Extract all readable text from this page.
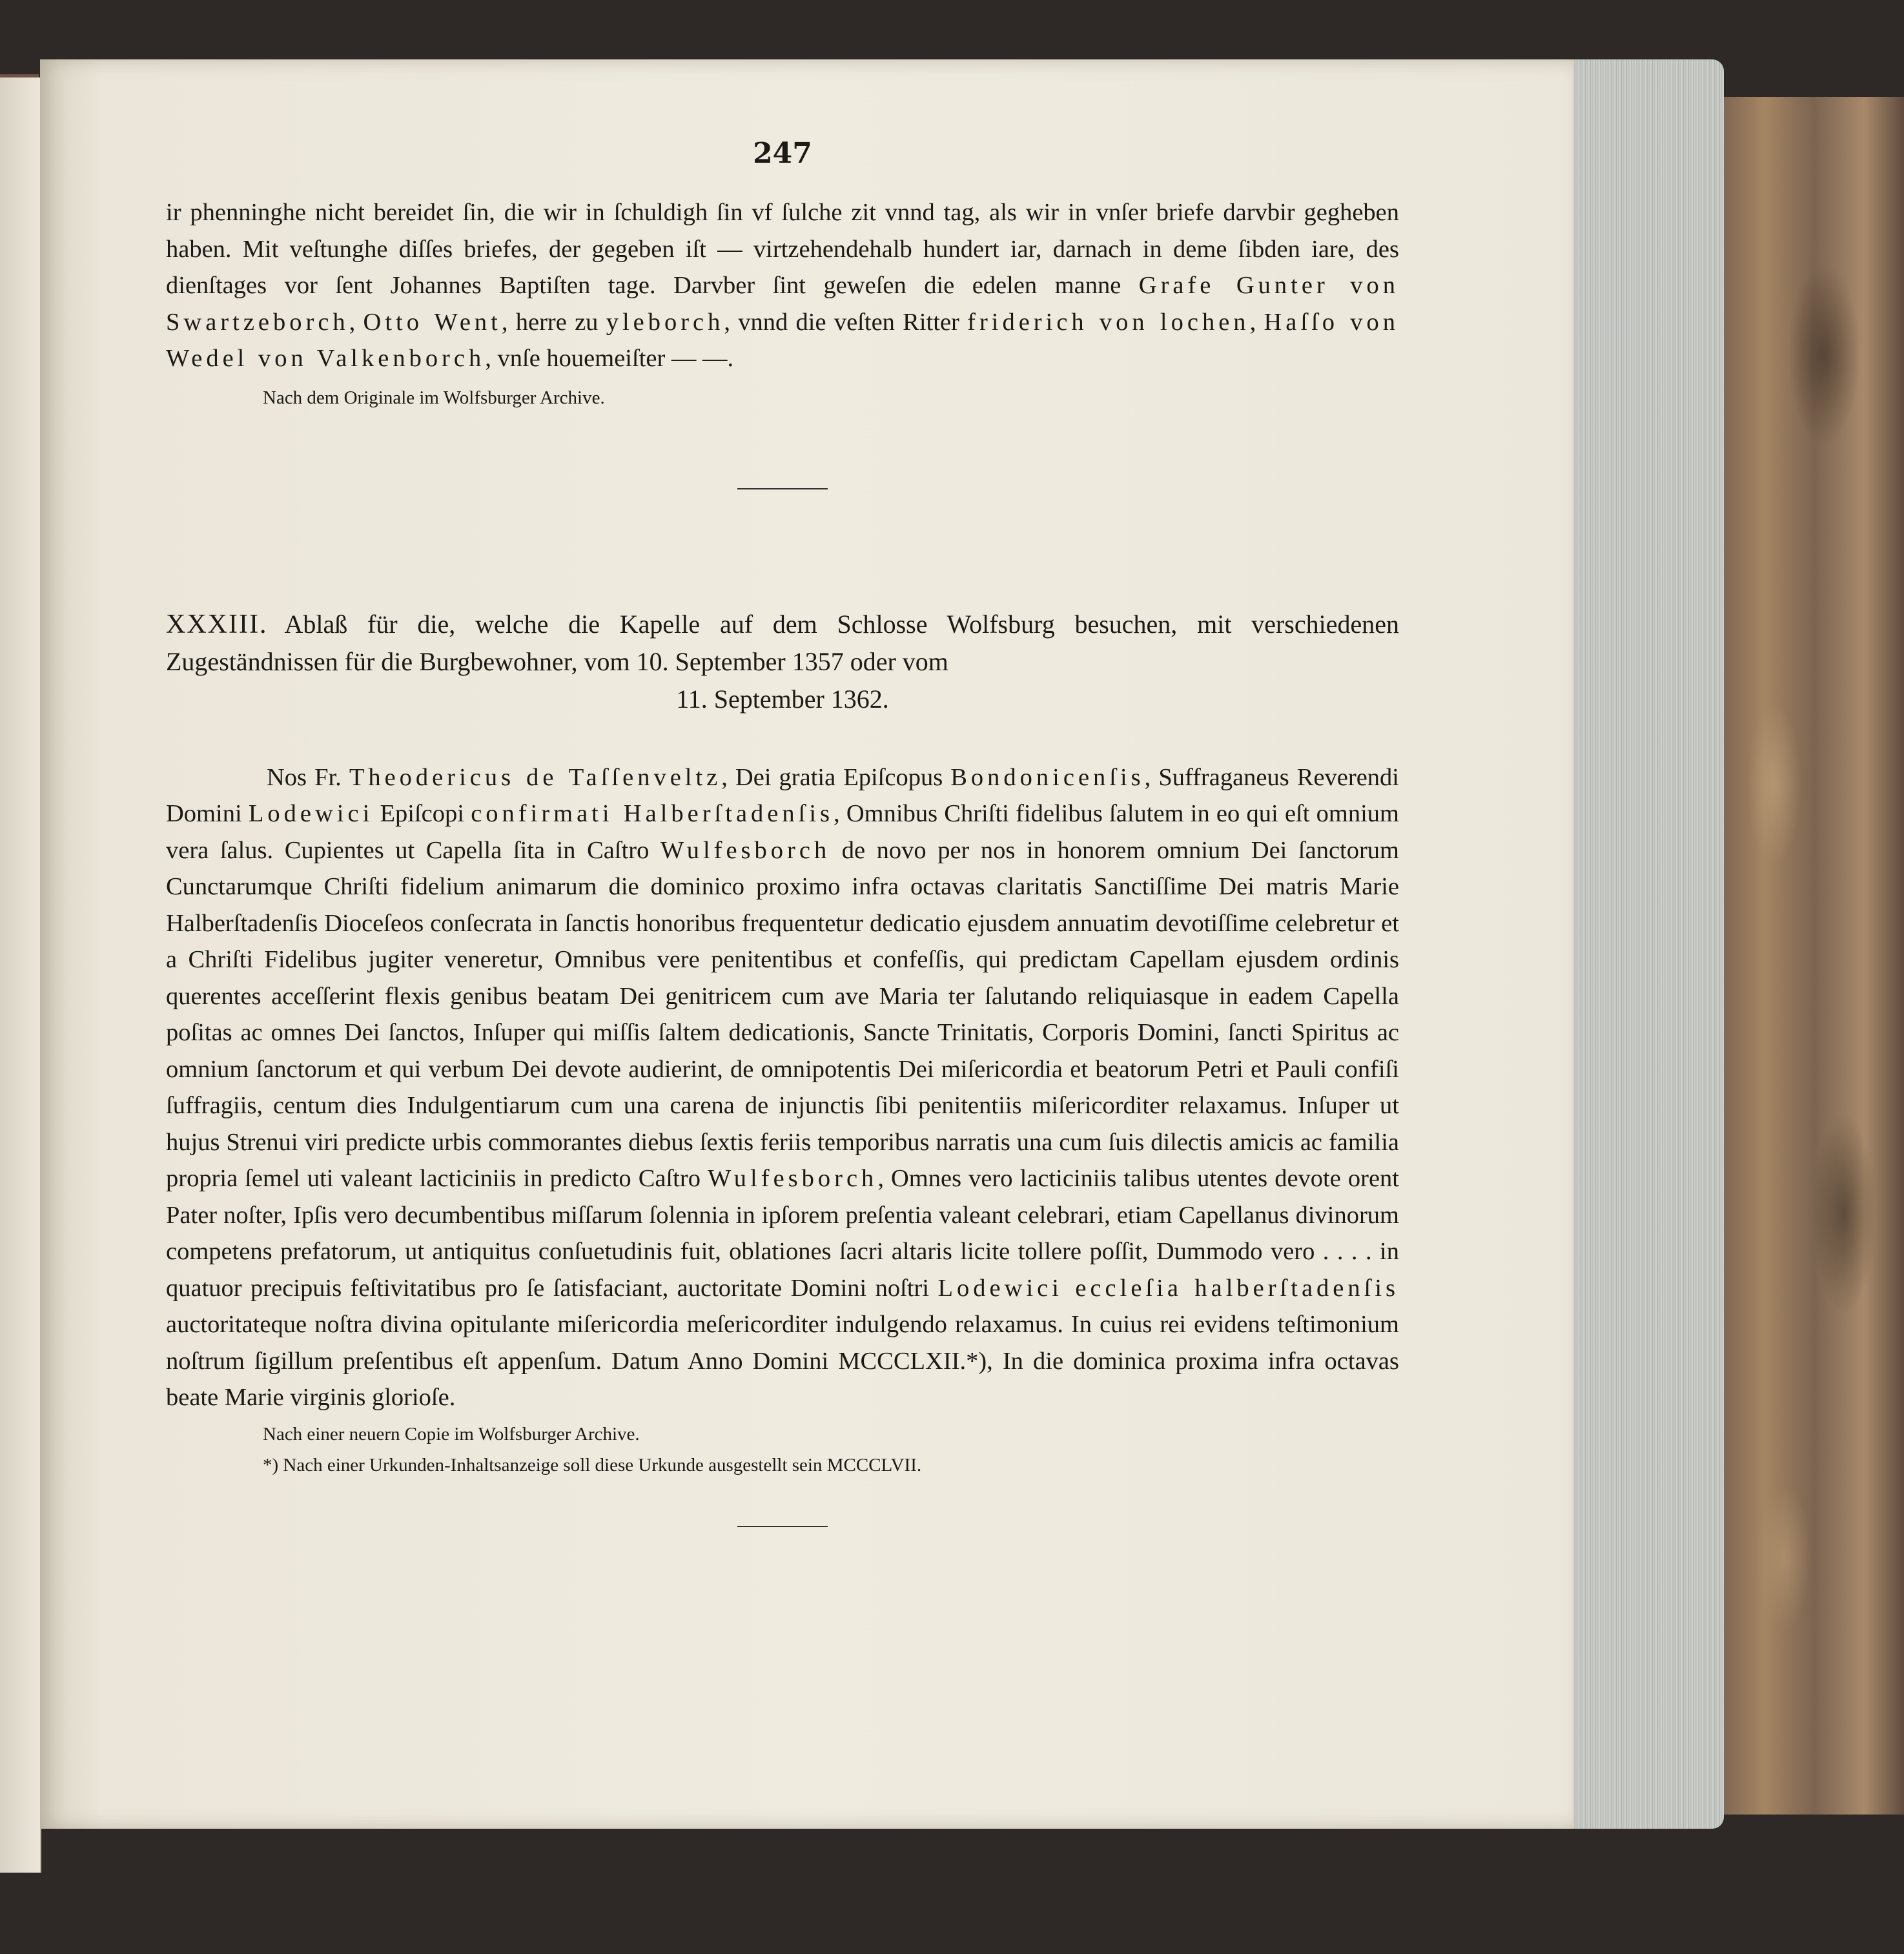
247

ir phenninghe nicht bereidet ſin, die wir in ſchuldigh ſin vf ſulche zit vnnd tag, als wir in vnſer briefe darvbir gegheben haben. Mit veſtunghe diſſes briefes, der gegeben iſt — virtzehendehalb hundert iar, darnach in deme ſibden iare, des dienſtages vor ſent Johannes Baptiſten tage. Darvber ſint geweſen die edelen manne Grafe Gunter von Swartzeborch, Otto Went, herre zu yleborch, vnnd die veſten Ritter friderich von lochen, Haſſo von Wedel von Valkenborch, vnſe houemeiſter — —.

Nach dem Originale im Wolfsburger Archive.

XXXIII. Ablaß für die, welche die Kapelle auf dem Schlosse Wolfsburg besuchen, mit verschiedenen Zugeständnissen für die Burgbewohner, vom 10. September 1357 oder vom
11. September 1362.

Nos Fr. Theodericus de Taſſenveltz, Dei gratia Epiſcopus Bondonicenſis, Suffraganeus Reverendi Domini Lodewici Epiſcopi confirmati Halberſtadenſis, Omnibus Chriſti fidelibus ſalutem in eo qui eſt omnium vera ſalus. Cupientes ut Capella ſita in Caſtro Wulfesborch de novo per nos in honorem omnium Dei ſanctorum Cunctarumque Chriſti fidelium animarum die dominico proximo infra octavas claritatis Sanctiſſime Dei matris Marie Halberſtadenſis Dioceſeos conſecrata in ſanctis honoribus frequentetur dedicatio ejusdem annuatim devotiſſime celebretur et a Chriſti Fidelibus jugiter veneretur, Omnibus vere penitentibus et confeſſis, qui predictam Capellam ejusdem ordinis querentes acceſſerint flexis genibus beatam Dei genitricem cum ave Maria ter ſalutando reliquiasque in eadem Capella poſitas ac omnes Dei ſanctos, Inſuper qui miſſis ſaltem dedicationis, Sancte Trinitatis, Corporis Domini, ſancti Spiritus ac omnium ſanctorum et qui verbum Dei devote audierint, de omnipotentis Dei miſericordia et beatorum Petri et Pauli confiſi ſuffragiis, centum dies Indulgentiarum cum una carena de injunctis ſibi penitentiis miſericorditer relaxamus. Inſuper ut hujus Strenui viri predicte urbis commorantes diebus ſextis feriis temporibus narratis una cum ſuis dilectis amicis ac familia propria ſemel uti valeant lacticiniis in predicto Caſtro Wulfesborch, Omnes vero lacticiniis talibus utentes devote orent Pater noſter, Ipſis vero decumbentibus miſſarum ſolennia in ipſorem preſentia valeant celebrari, etiam Capellanus divinorum competens prefatorum, ut antiquitus conſuetudinis fuit, oblationes ſacri altaris licite tollere poſſit, Dummodo vero . . . . in quatuor precipuis feſtivitatibus pro ſe ſatisfaciant, auctoritate Domini noſtri Lodewici eccleſia halberſtadenſis auctoritateque noſtra divina opitulante miſericordia meſericorditer indulgendo relaxamus. In cuius rei evidens teſtimonium noſtrum ſigillum preſentibus eſt appenſum. Datum Anno Domini MCCCLXII.*), In die dominica proxima infra octavas beate Marie virginis glorioſe.

Nach einer neuern Copie im Wolfsburger Archive.
*) Nach einer Urkunden-Inhaltsanzeige soll diese Urkunde ausgestellt sein MCCCLVII.
